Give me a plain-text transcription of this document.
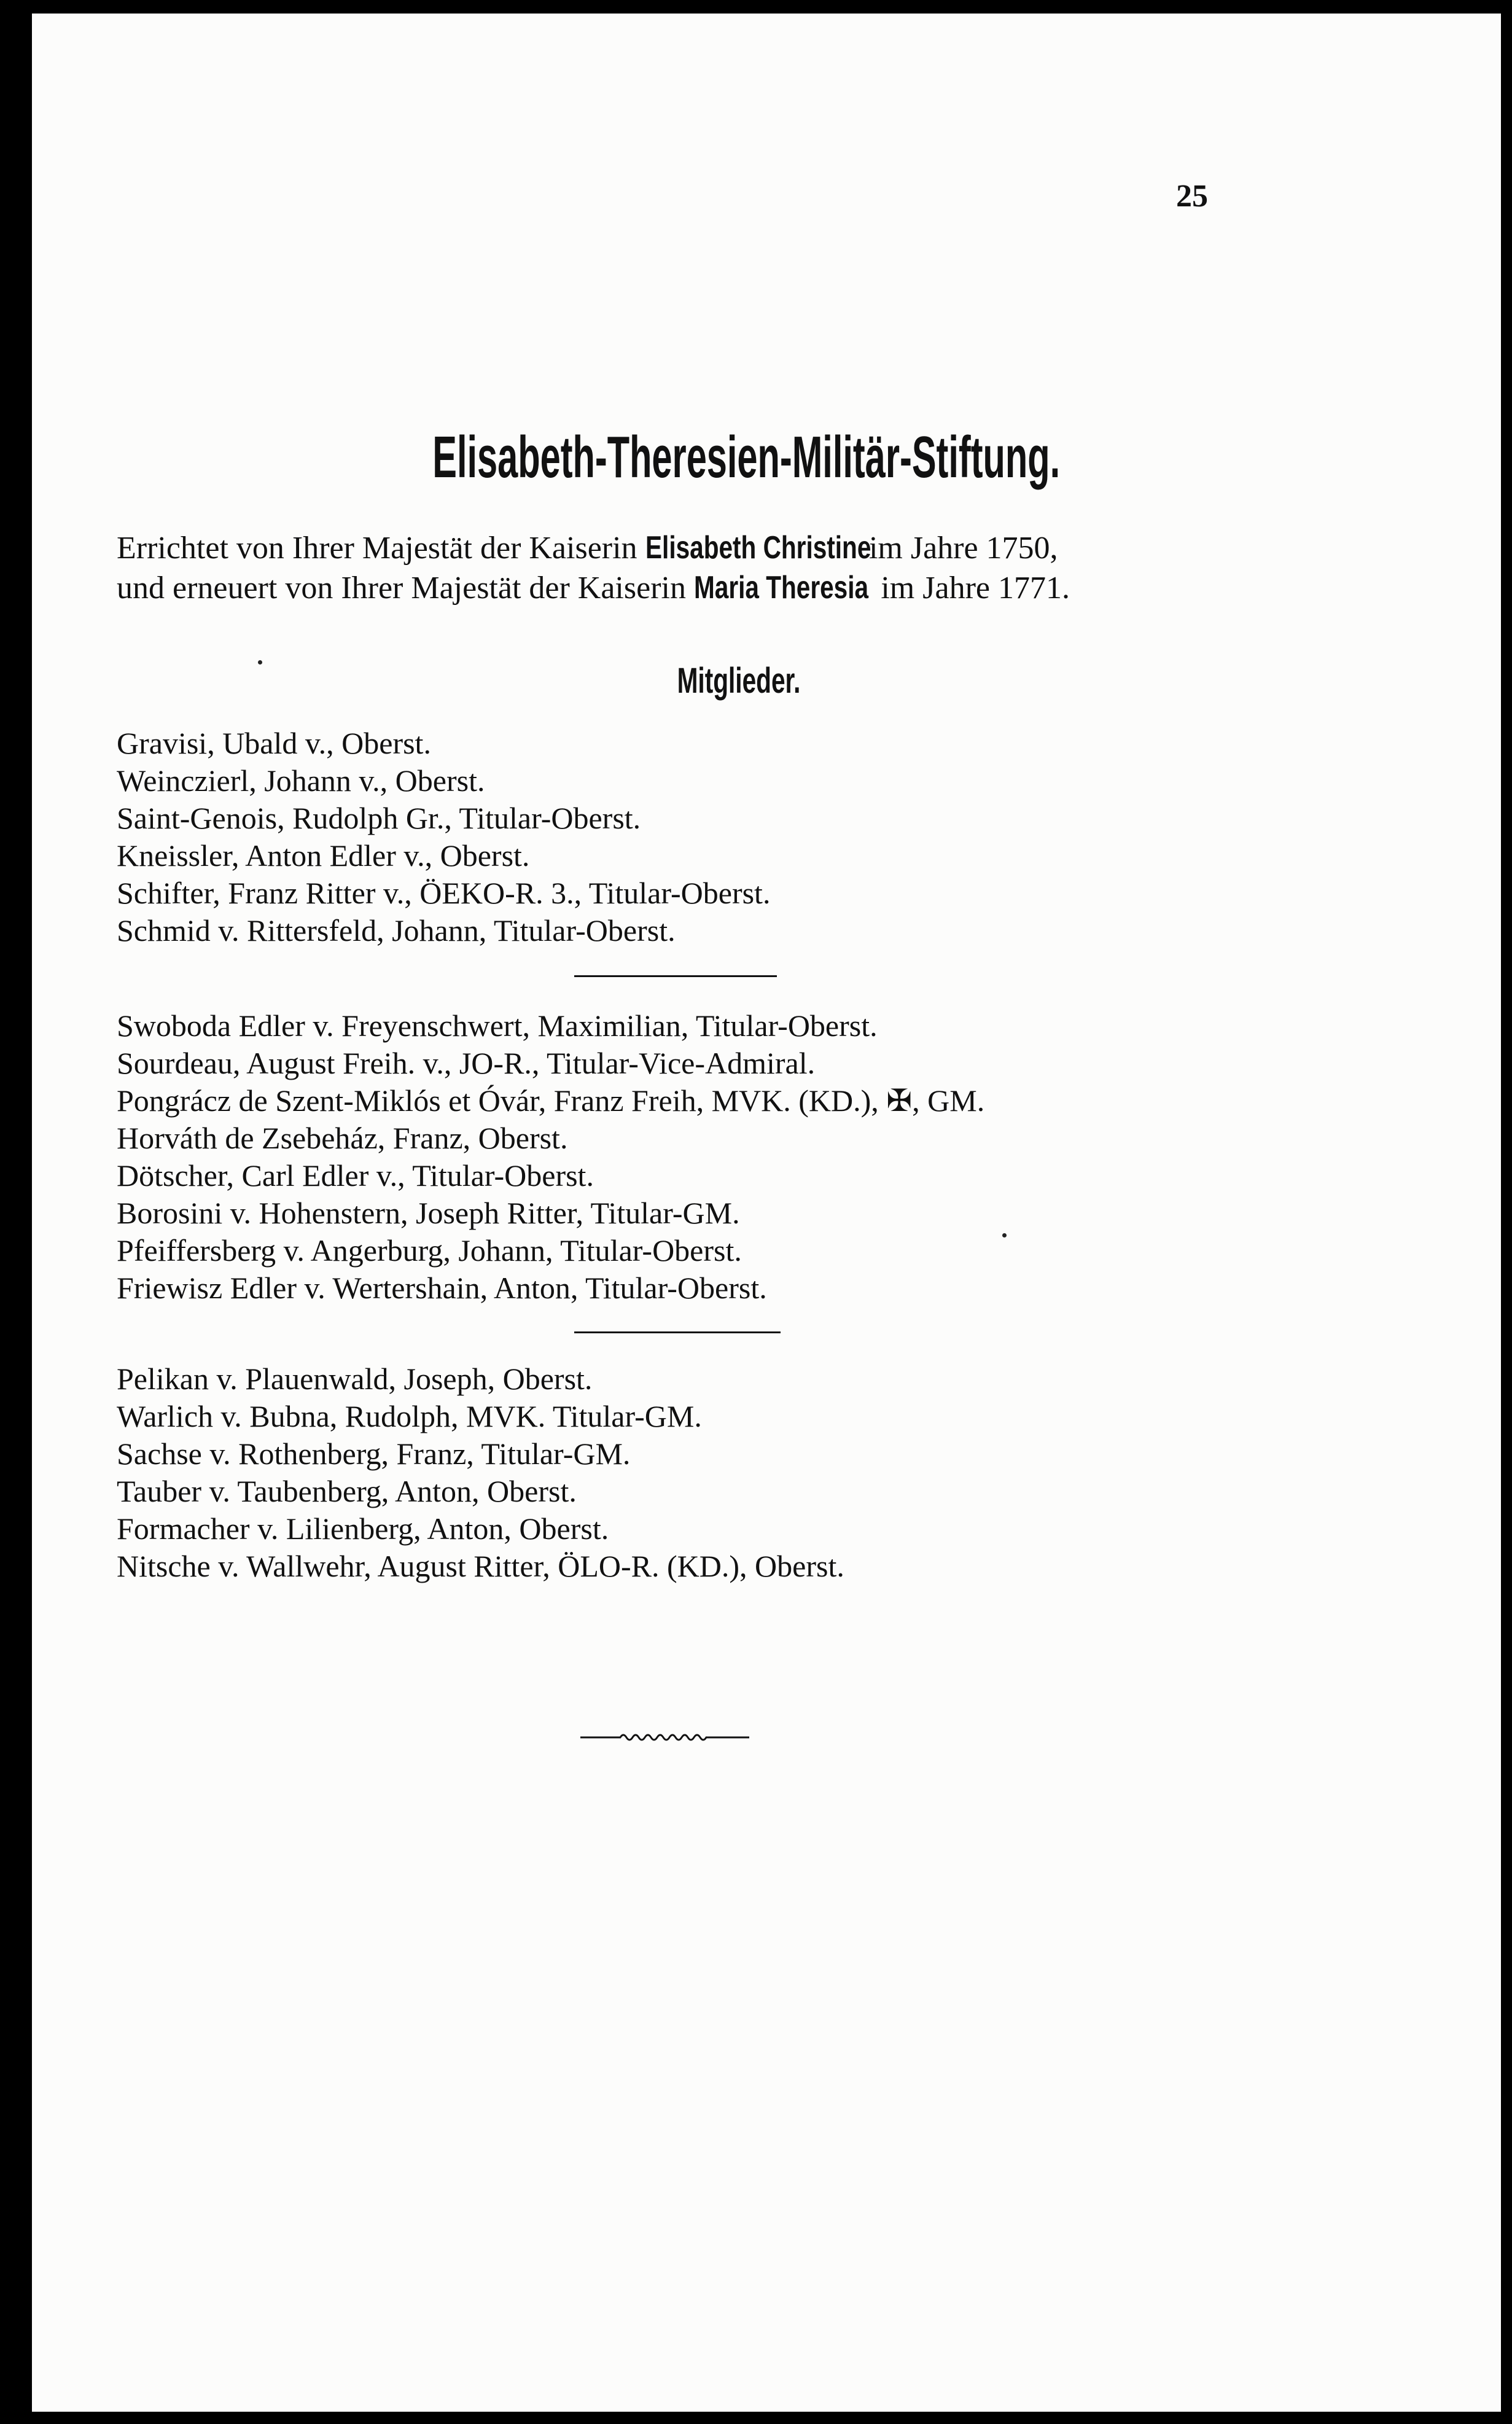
25
Elisabeth-Theresien-Militär-Stiftung.
Errichtet von Ihrer Majestät der Kaiserin Elisabeth Christine im Jahre 1750,
und erneuert von Ihrer Majestät der Kaiserin Maria Theresia im Jahre 1771.
Mitglieder.
Gravisi, Ubald v., Oberst.
Weinczierl, Johann v., Oberst.
Saint-Genois, Rudolph Gr., Titular-Oberst.
Kneissler, Anton Edler v., Oberst.
Schifter, Franz Ritter v., ÖEKO-R. 3., Titular-Oberst.
Schmid v. Rittersfeld, Johann, Titular-Oberst.
Swoboda Edler v. Freyenschwert, Maximilian, Titular-Oberst.
Sourdeau, August Freih. v., JO-R., Titular-Vice-Admiral.
Pongrácz de Szent-Miklós et Óvár, Franz Freih, MVK. (KD.), ✠, GM.
Horváth de Zsebeház, Franz, Oberst.
Dötscher, Carl Edler v., Titular-Oberst.
Borosini v. Hohenstern, Joseph Ritter, Titular-GM.
Pfeiffersberg v. Angerburg, Johann, Titular-Oberst.
Friewisz Edler v. Wertershain, Anton, Titular-Oberst.
Pelikan v. Plauenwald, Joseph, Oberst.
Warlich v. Bubna, Rudolph, MVK. Titular-GM.
Sachse v. Rothenberg, Franz, Titular-GM.
Tauber v. Taubenberg, Anton, Oberst.
Formacher v. Lilienberg, Anton, Oberst.
Nitsche v. Wallwehr, August Ritter, ÖLO-R. (KD.), Oberst.
